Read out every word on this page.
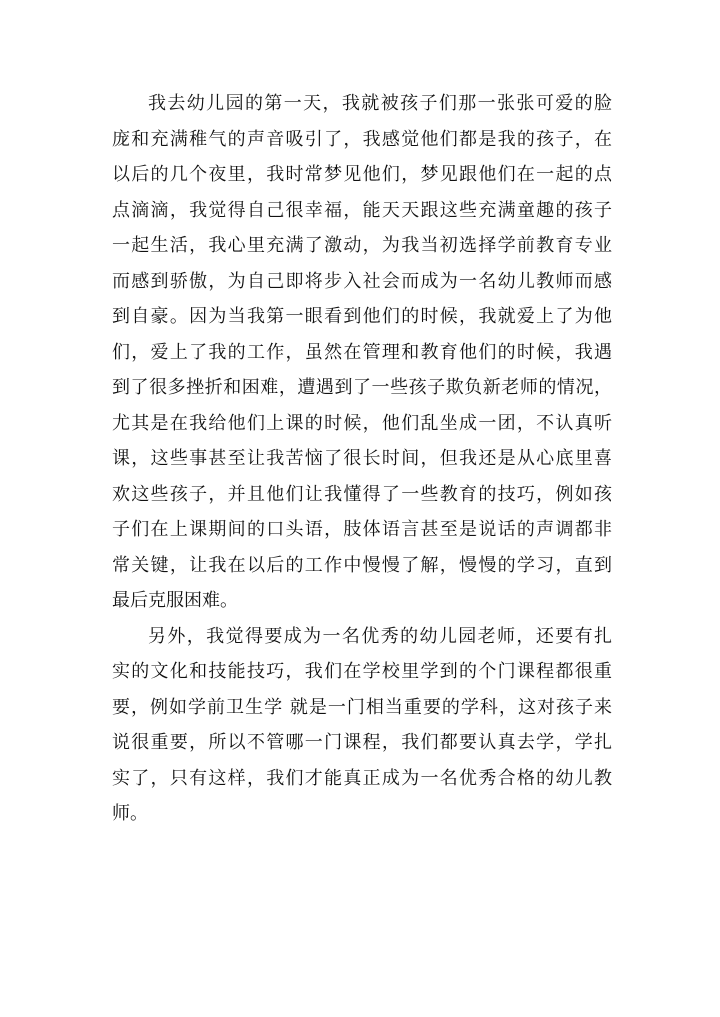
我去幼儿园的第一天，我就被孩子们那一张张可爱的脸
庞和充满稚气的声音吸引了，我感觉他们都是我的孩子，在
以后的几个夜里，我时常梦见他们，梦见跟他们在一起的点
点滴滴，我觉得自己很幸福，能天天跟这些充满童趣的孩子
一起生活，我心里充满了激动，为我当初选择学前教育专业
而感到骄傲，为自己即将步入社会而成为一名幼儿教师而感
到自豪。因为当我第一眼看到他们的时候，我就爱上了为他
们，爱上了我的工作，虽然在管理和教育他们的时候，我遇
到了很多挫折和困难，遭遇到了一些孩子欺负新老师的情况，
尤其是在我给他们上课的时候，他们乱坐成一团，不认真听
课，这些事甚至让我苦恼了很长时间，但我还是从心底里喜
欢这些孩子，并且他们让我懂得了一些教育的技巧，例如孩
子们在上课期间的口头语，肢体语言甚至是说话的声调都非
常关键，让我在以后的工作中慢慢了解，慢慢的学习，直到
最后克服困难。
另外，我觉得要成为一名优秀的幼儿园老师，还要有扎
实的文化和技能技巧，我们在学校里学到的个门课程都很重
要，例如学前卫生学 就是一门相当重要的学科，这对孩子来
说很重要，所以不管哪一门课程，我们都要认真去学，学扎
实了，只有这样，我们才能真正成为一名优秀合格的幼儿教
师。
